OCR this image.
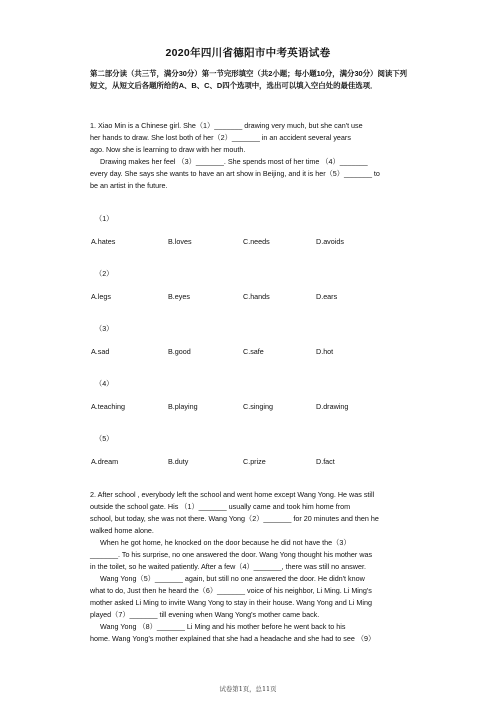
2020年四川省德阳市中考英语试卷
第二部分读（共三节，满分30分）第一节完形填空（共2小题；每小题10分，满分30分）阅读下列短文，从短文后各题所给的A、B、C、D四个选项中，选出可以填入空白处的最佳选项．
1. Xiao Min is a Chinese girl. She（1）_______ drawing very much, but she can't use
her hands to draw. She lost both of her（2）_______ in an accident several years
ago. Now she is learning to draw with her mouth.
Drawing makes her feel （3）_______. She spends most of her time （4）_______
every day. She says she wants to have an art show in Beijing, and it is her（5）_______ to
be an artist in the future.
（1）
A.hates	B.loves	C.needs	D.avoids
（2）
A.legs	B.eyes	C.hands	D.ears
（3）
A.sad	B.good	C.safe	D.hot
（4）
A.teaching	B.playing	C.singing	D.drawing
（5）
A.dream	B.duty	C.prize	D.fact
2. After school , everybody left the school and went home except Wang Yong. He was still
outside the school gate. His （1）_______ usually came and took him home from
school, but today, she was not there. Wang Yong（2）_______ for 20 minutes and then he
walked home alone.
When he got home, he knocked on the door because he did not have the（3）
_______. To his surprise, no one answered the door. Wang Yong thought his mother was
in the toilet, so he waited patiently. After a few（4）_______, there was still no answer.
Wang Yong（5）_______ again, but still no one answered the door. He didn't know
what to do, Just then he heard the（6）_______ voice of his neighbor, Li Ming. Li Ming's
mother asked Li Ming to invite Wang Yong to stay in their house. Wang Yong and Li Ming
played（7）_______ till evening when Wang Yong's mother came back.
Wang Yong （8）_______ Li Ming and his mother before he went back to his
home. Wang Yong's mother explained that she had a headache and she had to see （9）
试卷第1页，总11页
